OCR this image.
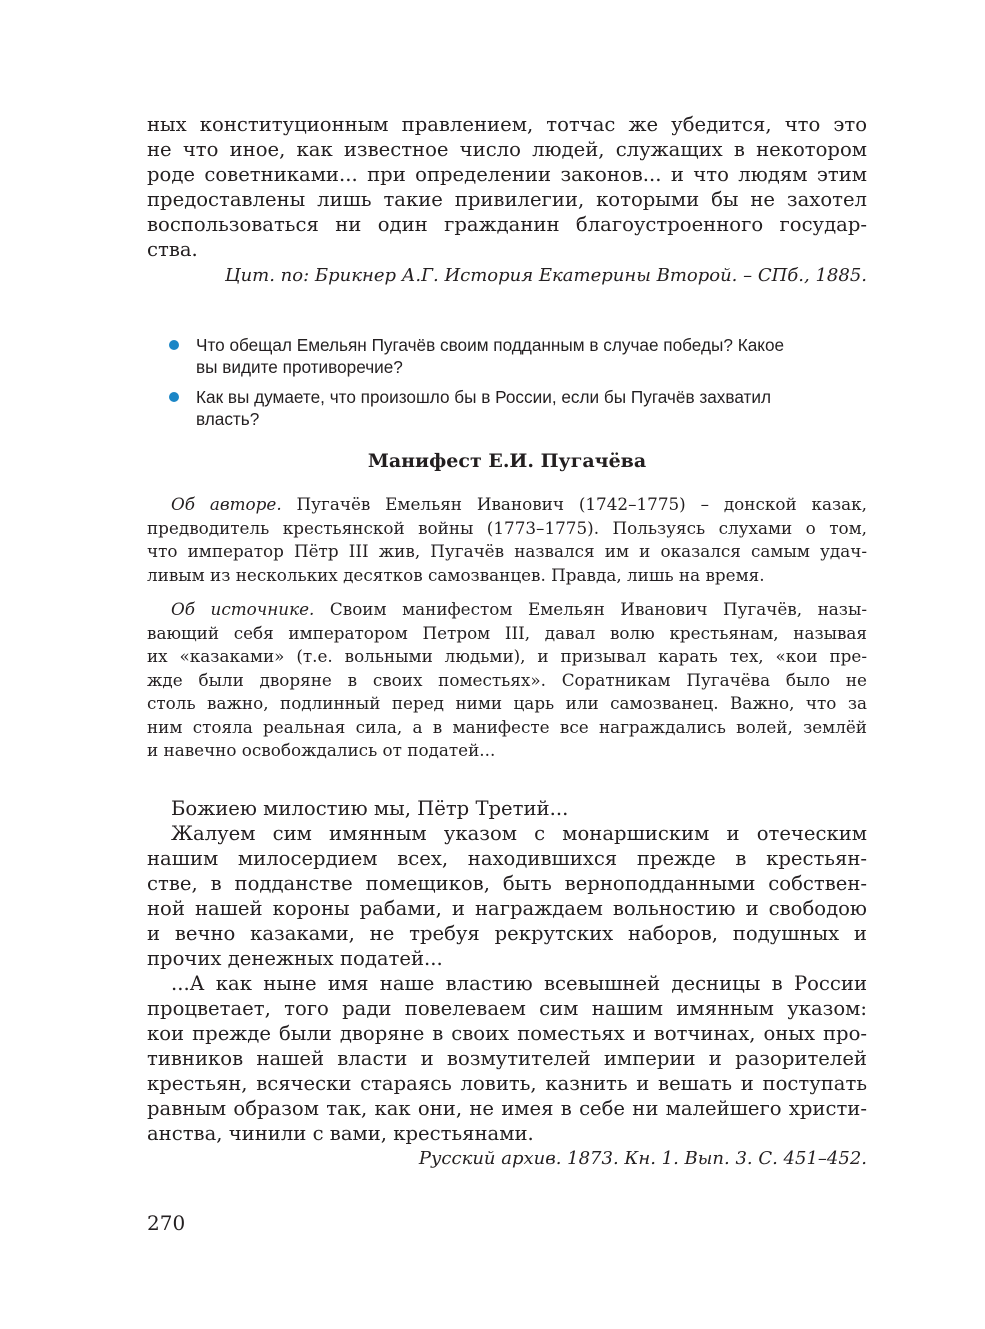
ных конституционным правлением, тотчас же убедится, что это
не что иное, как известное число людей, служащих в некотором
роде советниками... при определении законов... и что людям этим
предоставлены лишь такие привилегии, которыми бы не захотел
воспользоваться ни один гражданин благоустроенного государ-
ства.
Цит. по: Брикнер А.Г. История Екатерины Второй. – СПб., 1885.
Что обещал Емельян Пугачёв своим подданным в случае победы? Какое
вы видите противоречие?
Как вы думаете, что произошло бы в России, если бы Пугачёв захватил
власть?
Манифест Е.И. Пугачёва
Об авторе. Пугачёв Емельян Иванович (1742–1775) – донской казак,
предводитель крестьянской войны (1773–1775). Пользуясь слухами о том,
что император Пётр III жив, Пугачёв назвался им и оказался самым удач-
ливым из нескольких десятков самозванцев. Правда, лишь на время.
Об источнике. Своим манифестом Емельян Иванович Пугачёв, назы-
вающий себя императором Петром III, давал волю крестьянам, называя
их «казаками» (т.е. вольными людьми), и призывал карать тех, «кои пре-
жде были дворяне в своих поместьях». Соратникам Пугачёва было не
столь важно, подлинный перед ними царь или самозванец. Важно, что за
ним стояла реальная сила, а в манифесте все награждались волей, землёй
и навечно освобождались от податей...
Божиею милостию мы, Пётр Третий...
Жалуем сим имянным указом с монаршиским и отеческим
нашим милосердием всех, находившихся прежде в крестьян-
стве, в подданстве помещиков, быть верноподданными собствен-
ной нашей короны рабами, и награждаем вольностию и свободою
и вечно казаками, не требуя рекрутских наборов, подушных и
прочих денежных податей...
...А как ныне имя наше властию всевышней десницы в России
процветает, того ради повелеваем сим нашим имянным указом:
кои прежде были дворяне в своих поместьях и вотчинах, оных про-
тивников нашей власти и возмутителей империи и разорителей
крестьян, всячески стараясь ловить, казнить и вешать и поступать
равным образом так, как они, не имея в себе ни малейшего христи-
анства, чинили с вами, крестьянами.
Русский архив. 1873. Кн. 1. Вып. 3. С. 451–452.
270
